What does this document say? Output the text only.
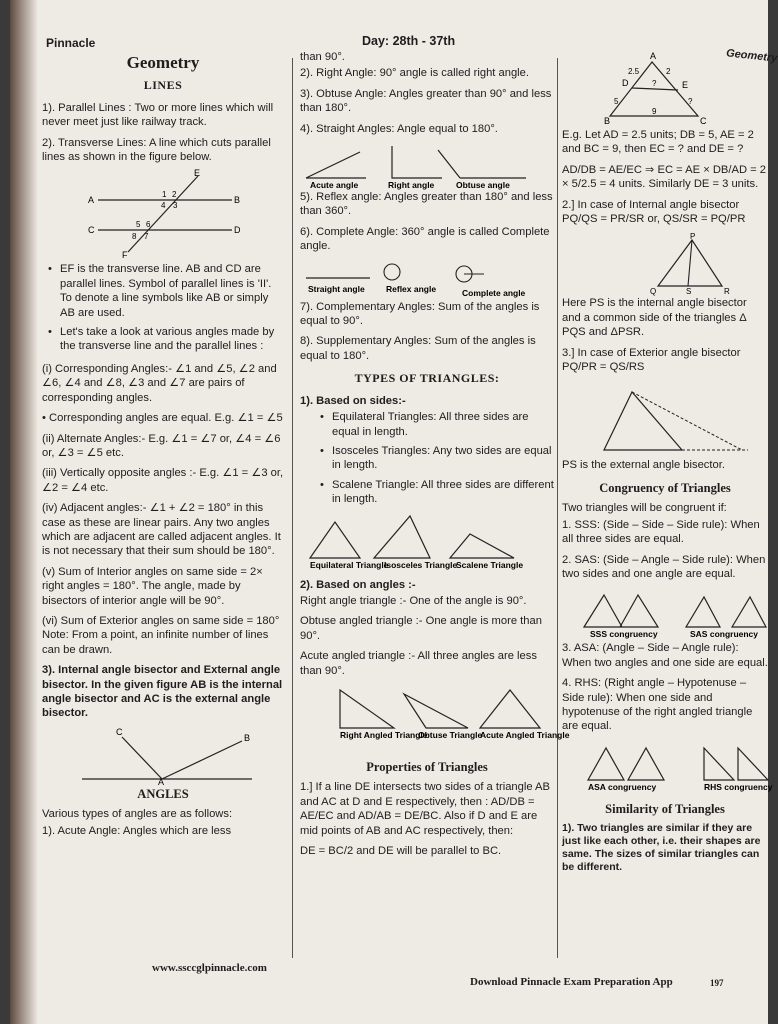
Pinnacle	Day: 28th - 37th
Geometry
Geometry
LINES

1). Parallel Lines : Two or more lines which will never meet just like railway track.

2). Transverse Lines: A line which cuts parallel lines as shown in the figure below.

A	B
C	D
E
F
1 2
3
4
5 6
7
8
• EF is the transverse line. AB and CD are parallel lines. Symbol of parallel lines is 'II'. To denote a line symbols like AB or simply AB are used.
• Let's take a look at various angles made by the transverse line and the parallel lines :

(i) Corresponding Angles:- ∠1 and ∠5, ∠2 and ∠6, ∠4 and ∠8, ∠3 and ∠7 are pairs of corresponding angles.

• Corresponding angles are equal. E.g. ∠1 = ∠5

(ii) Alternate Angles:- E.g. ∠1 = ∠7 or, ∠4 = ∠6 or, ∠3 = ∠5 etc.

(iii) Vertically opposite angles :- E.g. ∠1 = ∠3 or, ∠2 = ∠4 etc.

(iv) Adjacent angles:- ∠1 + ∠2 = 180° in this case as these are linear pairs. Any two angles which are adjacent are called adjacent angles. It is not necessary that their sum should be 180°.

(v) Sum of Interior angles on same side = 2× right angles = 180°. The angle, made by bisectors of interior angle will be 90°.

(vi) Sum of Exterior angles on same side = 180°

Note: From a point, an infinite number of lines can be drawn.

3). Internal angle bisector and External angle bisector. In the given figure AB is the internal angle bisector and AC is the external angle bisector.

C
B
A
ANGLES

Various types of angles are as follows:

1). Acute Angle: Angles which are less

than 90°.

2). Right Angle: 90° angle is called right angle.

3). Obtuse Angle: Angles greater than 90° and less than 180°.

4). Straight Angles: Angle equal to 180°.

Acute angle	Right angle	Obtuse angle

5). Reflex angle: Angles greater than 180° and less than 360°.

6). Complete Angle: 360° angle is called Complete angle.

Straight angle	Reflex angle	Complete angle

7). Complementary Angles: Sum of the angles is equal to 90°.

8). Supplementary Angles: Sum of the angles is equal to 180°.

TYPES OF TRIANGLES:

1). Based on sides:-

• Equilateral Triangles: All three sides are equal in length.
• Isosceles Triangles: Any two sides are equal in length.
• Scalene Triangle: All three sides are different in length.
Equilateral Triangle
Isosceles Triangle
Scalene Triangle

2). Based on angles :-

Right angle triangle :- One of the angle is 90°.

Obtuse angled triangle :- One angle is more than 90°.

Acute angled triangle :- All three angles are less than 90°.

Right Angled Triangle
Obtuse Triangle
Acute Angled Triangle
Properties of Triangles

1.] If a line DE intersects two sides of a triangle AB and AC at D and E respectively, then : AD/DB = AE/EC and AD/AB = DE/BC. Also if D and E are mid points of AB and AC respectively, then:

DE = BC/2 and DE will be parallel to BC.

A
D	E
B	C
2.5	2
?
5	?
9

E.g. Let AD = 2.5 units; DB = 5, AE = 2 and BC = 9, then EC = ? and DE = ?

AD/DB = AE/EC ⇒ EC = AE × DB/AD = 2 × 5/2.5 = 4 units. Similarly DE = 3 units.

2.] In case of Internal angle bisector PQ/QS = PR/SR or, QS/SR = PQ/PR

P
Q	S	R

Here PS is the internal angle bisector and a common side of the triangles Δ PQS and ΔPSR.

3.] In case of Exterior angle bisector PQ/PR = QS/RS

PS is the external angle bisector.

Congruency of Triangles

Two triangles will be congruent if:

1. SSS: (Side – Side – Side rule): When all three sides are equal.

2. SAS: (Side – Angle – Side rule): When two sides and one angle are equal.

SSS congruency	SAS congruency

3. ASA: (Angle – Side – Angle rule): When two angles and one side are equal.

4. RHS: (Right angle – Hypotenuse – Side rule): When one side and hypotenuse of the right angled triangle are equal.

ASA congruency	RHS congruency
Similarity of Triangles

1). Two triangles are similar if they are just like each other, i.e. their shapes are same. The sizes of similar triangles can be different.

www.ssccglpinnacle.com
Download Pinnacle Exam Preparation App	197
